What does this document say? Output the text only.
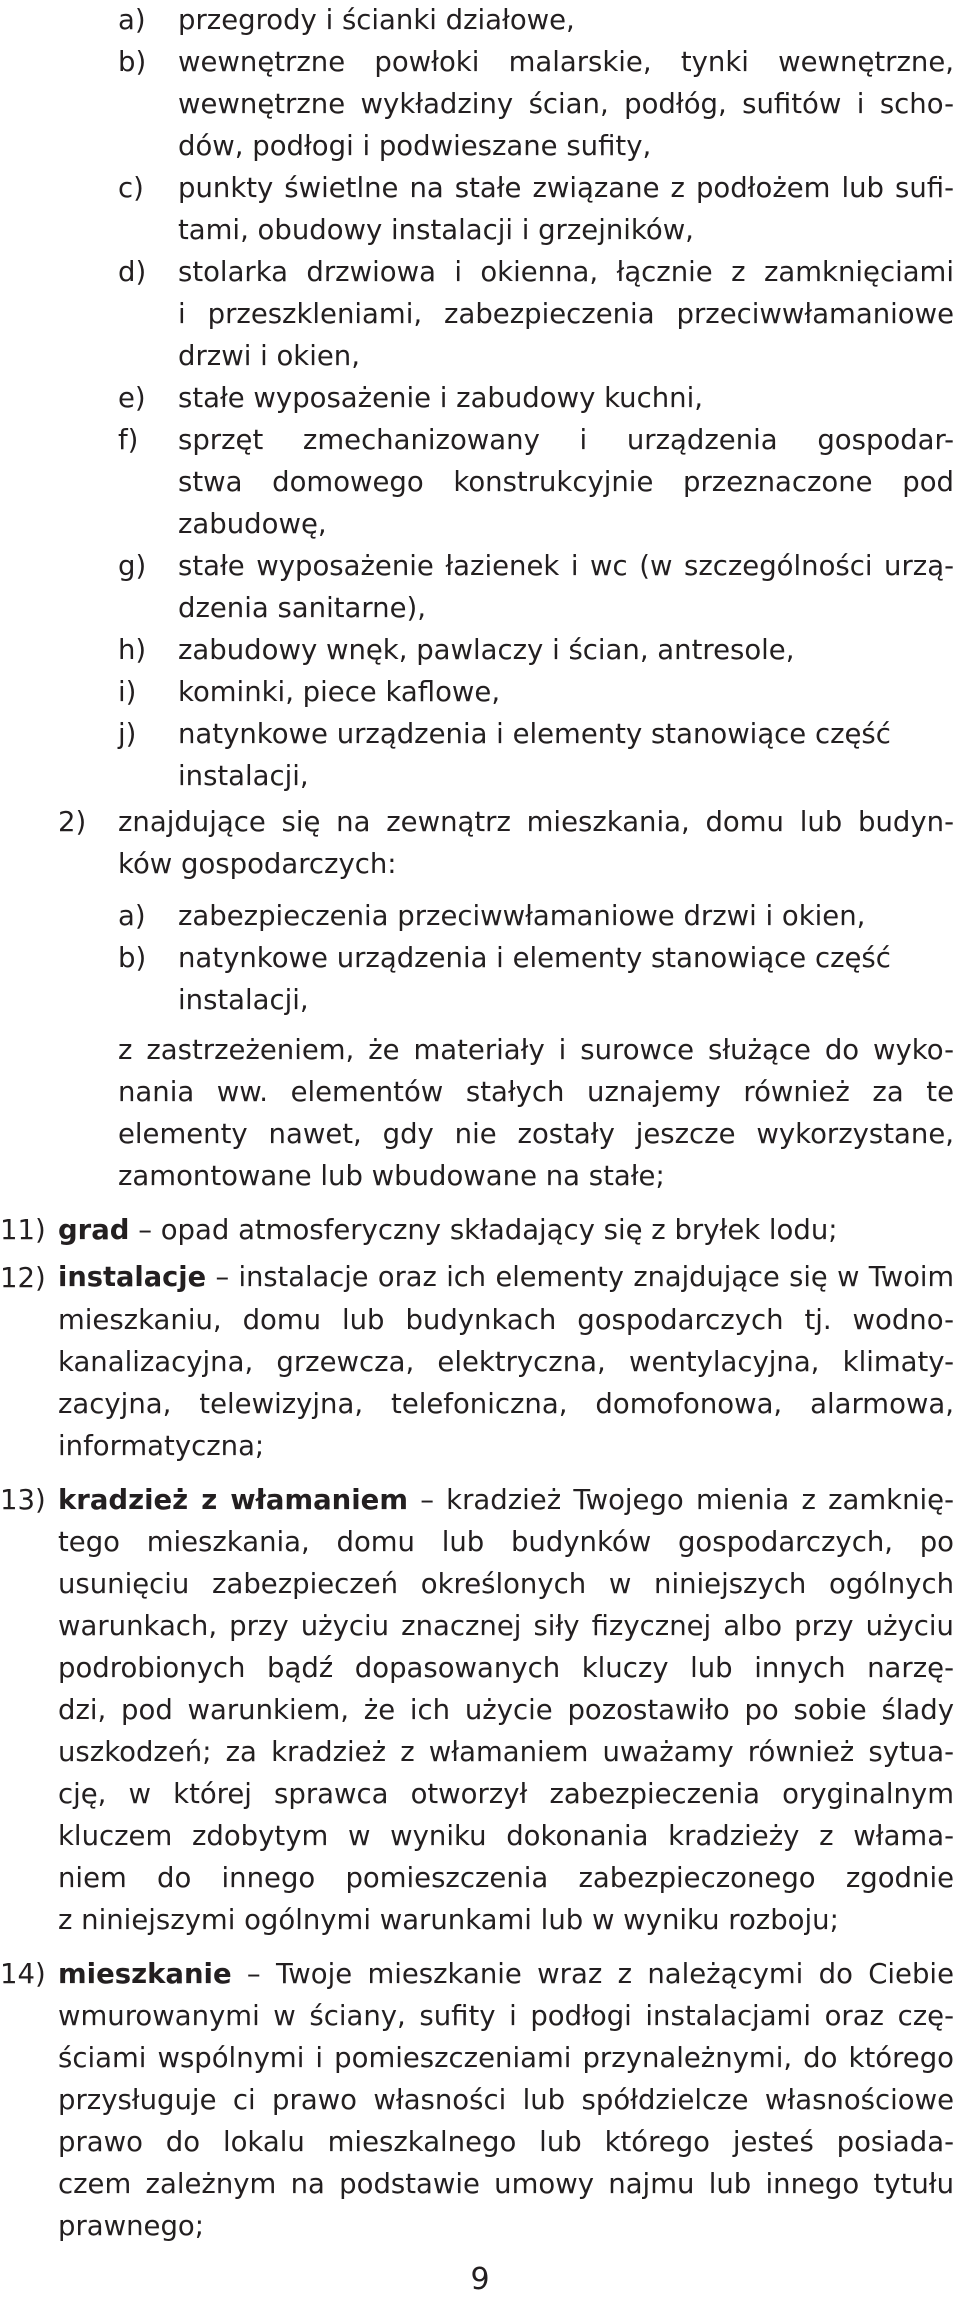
a) przegrody i ścianki działowe,
b) wewnętrzne powłoki malarskie, tynki wewnętrzne,
wewnętrzne wykładziny ścian, podłóg, sufitów i scho-
dów, podłogi i podwieszane sufity,
c) punkty świetlne na stałe związane z podłożem lub sufi-
tami, obudowy instalacji i grzejników,
d) stolarka drzwiowa i okienna, łącznie z zamknięciami
i przeszkleniami, zabezpieczenia przeciwwłamaniowe
drzwi i okien,
e) stałe wyposażenie i zabudowy kuchni,
f) sprzęt zmechanizowany i urządzenia gospodar-
stwa domowego konstrukcyjnie przeznaczone pod
zabudowę,
g) stałe wyposażenie łazienek i wc (w szczególności urzą-
dzenia sanitarne),
h) zabudowy wnęk, pawlaczy i ścian, antresole,
i) kominki, piece kaflowe,
j) natynkowe urządzenia i elementy stanowiące część
instalacji,
2) znajdujące się na zewnątrz mieszkania, domu lub budyn-
ków gospodarczych:
a) zabezpieczenia przeciwwłamaniowe drzwi i okien,
b) natynkowe urządzenia i elementy stanowiące część
instalacji,
z zastrzeżeniem, że materiały i surowce służące do wyko-
nania ww. elementów stałych uznajemy również za te
elementy nawet, gdy nie zostały jeszcze wykorzystane,
zamontowane lub wbudowane na stałe;
11) grad – opad atmosferyczny składający się z bryłek lodu;
12) instalacje – instalacje oraz ich elementy znajdujące się w Twoim
mieszkaniu, domu lub budynkach gospodarczych tj. wodno-
kanalizacyjna, grzewcza, elektryczna, wentylacyjna, klimaty-
zacyjna, telewizyjna, telefoniczna, domofonowa, alarmowa,
informatyczna;
13) kradzież z włamaniem – kradzież Twojego mienia z zamknię-
tego mieszkania, domu lub budynków gospodarczych, po
usunięciu zabezpieczeń określonych w niniejszych ogólnych
warunkach, przy użyciu znacznej siły fizycznej albo przy użyciu
podrobionych bądź dopasowanych kluczy lub innych narzę-
dzi, pod warunkiem, że ich użycie pozostawiło po sobie ślady
uszkodzeń; za kradzież z włamaniem uważamy również sytua-
cję, w której sprawca otworzył zabezpieczenia oryginalnym
kluczem zdobytym w wyniku dokonania kradzieży z włama-
niem do innego pomieszczenia zabezpieczonego zgodnie
z niniejszymi ogólnymi warunkami lub w wyniku rozboju;
14) mieszkanie – Twoje mieszkanie wraz z należącymi do Ciebie
wmurowanymi w ściany, sufity i podłogi instalacjami oraz czę-
ściami wspólnymi i pomieszczeniami przynależnymi, do którego
przysługuje ci prawo własności lub spółdzielcze własnościowe
prawo do lokalu mieszkalnego lub którego jesteś posiada-
czem zależnym na podstawie umowy najmu lub innego tytułu
prawnego;
9
